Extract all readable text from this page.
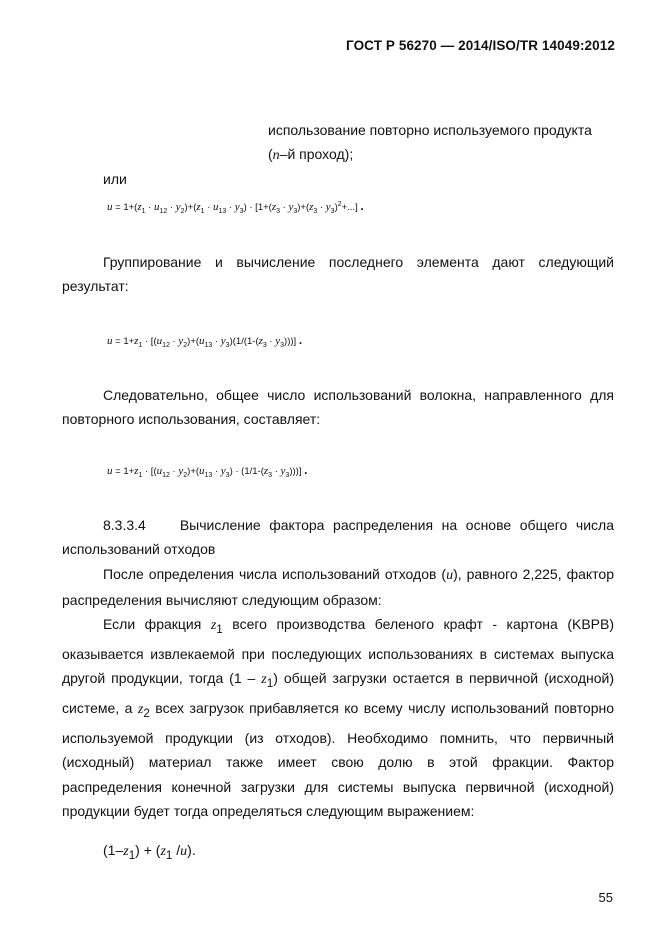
ГОСТ Р 56270 — 2014/ISO/TR 14049:2012
использование повторно используемого продукта
(n–й проход);
или
$u = 1+(z_1 \cdot u_{12} \cdot y_2)+(z_1 \cdot u_{13} \cdot y_3) \cdot [1+(z_3 \cdot y_3)+(z_3 \cdot y_3)^2+...]$ .
Группирование и вычисление последнего элемента дают следующий результат:
$u = 1+z_1 \cdot [(u_{12} \cdot y_2)+(u_{13} \cdot y_3)(1/(1-(z_3 \cdot y_3)))]$ .
Следовательно, общее число использований волокна, направленного для повторного использования, составляет:
$u = 1+z_1 \cdot [(u_{12} \cdot y_2)+(u_{13} \cdot y_3) \cdot (1/1-(z_3 \cdot y_3)))$] .
8.3.3.4 Вычисление фактора распределения на основе общего числа использований отходов
После определения числа использований отходов (u), равного 2,225, фактор распределения вычисляют следующим образом:
Если фракция $z_1$ всего производства беленого крафт - картона (KBPB) оказывается извлекаемой при последующих использованиях в системах выпуска другой продукции, тогда $(1 - z_1)$ общей загрузки остается в первичной (исходной) системе, а $z_2$ всех загрузок прибавляется ко всему числу использований повторно используемой продукции (из отходов). Необходимо помнить, что первичный (исходный) материал также имеет свою долю в этой фракции. Фактор распределения конечной загрузки для системы выпуска первичной (исходной) продукции будет тогда определяться следующим выражением:
$(1-z_1) + (z_1$ /u).
55
